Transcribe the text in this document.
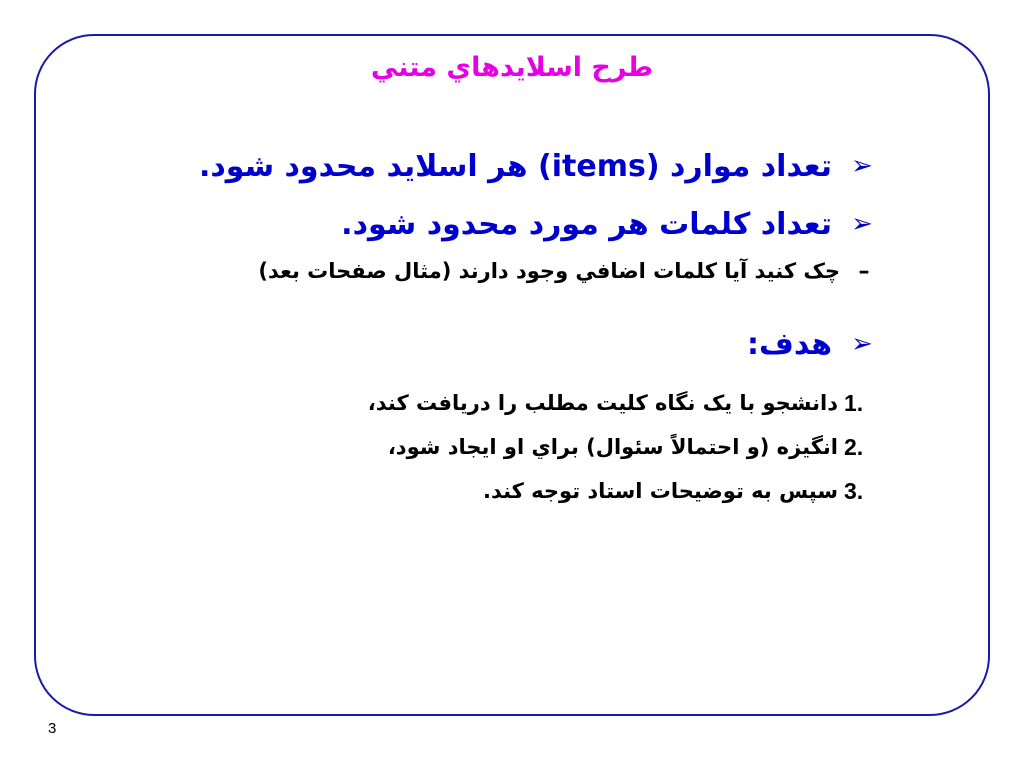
طرح اسلايدهاي متني
➢
تعداد موارد (items) هر اسلايد محدود شود.
➢
تعداد کلمات هر مورد محدود شود.
–
چک کنيد آيا کلمات اضافي وجود دارند (مثال صفحات بعد)
➢
هدف:
1.
دانشجو با يک نگاه کليت مطلب را دريافت کند،
2.
انگيزه (و احتمالاً سئوال) براي او ايجاد شود،
3.
سپس به توضيحات استاد توجه کند.
3
